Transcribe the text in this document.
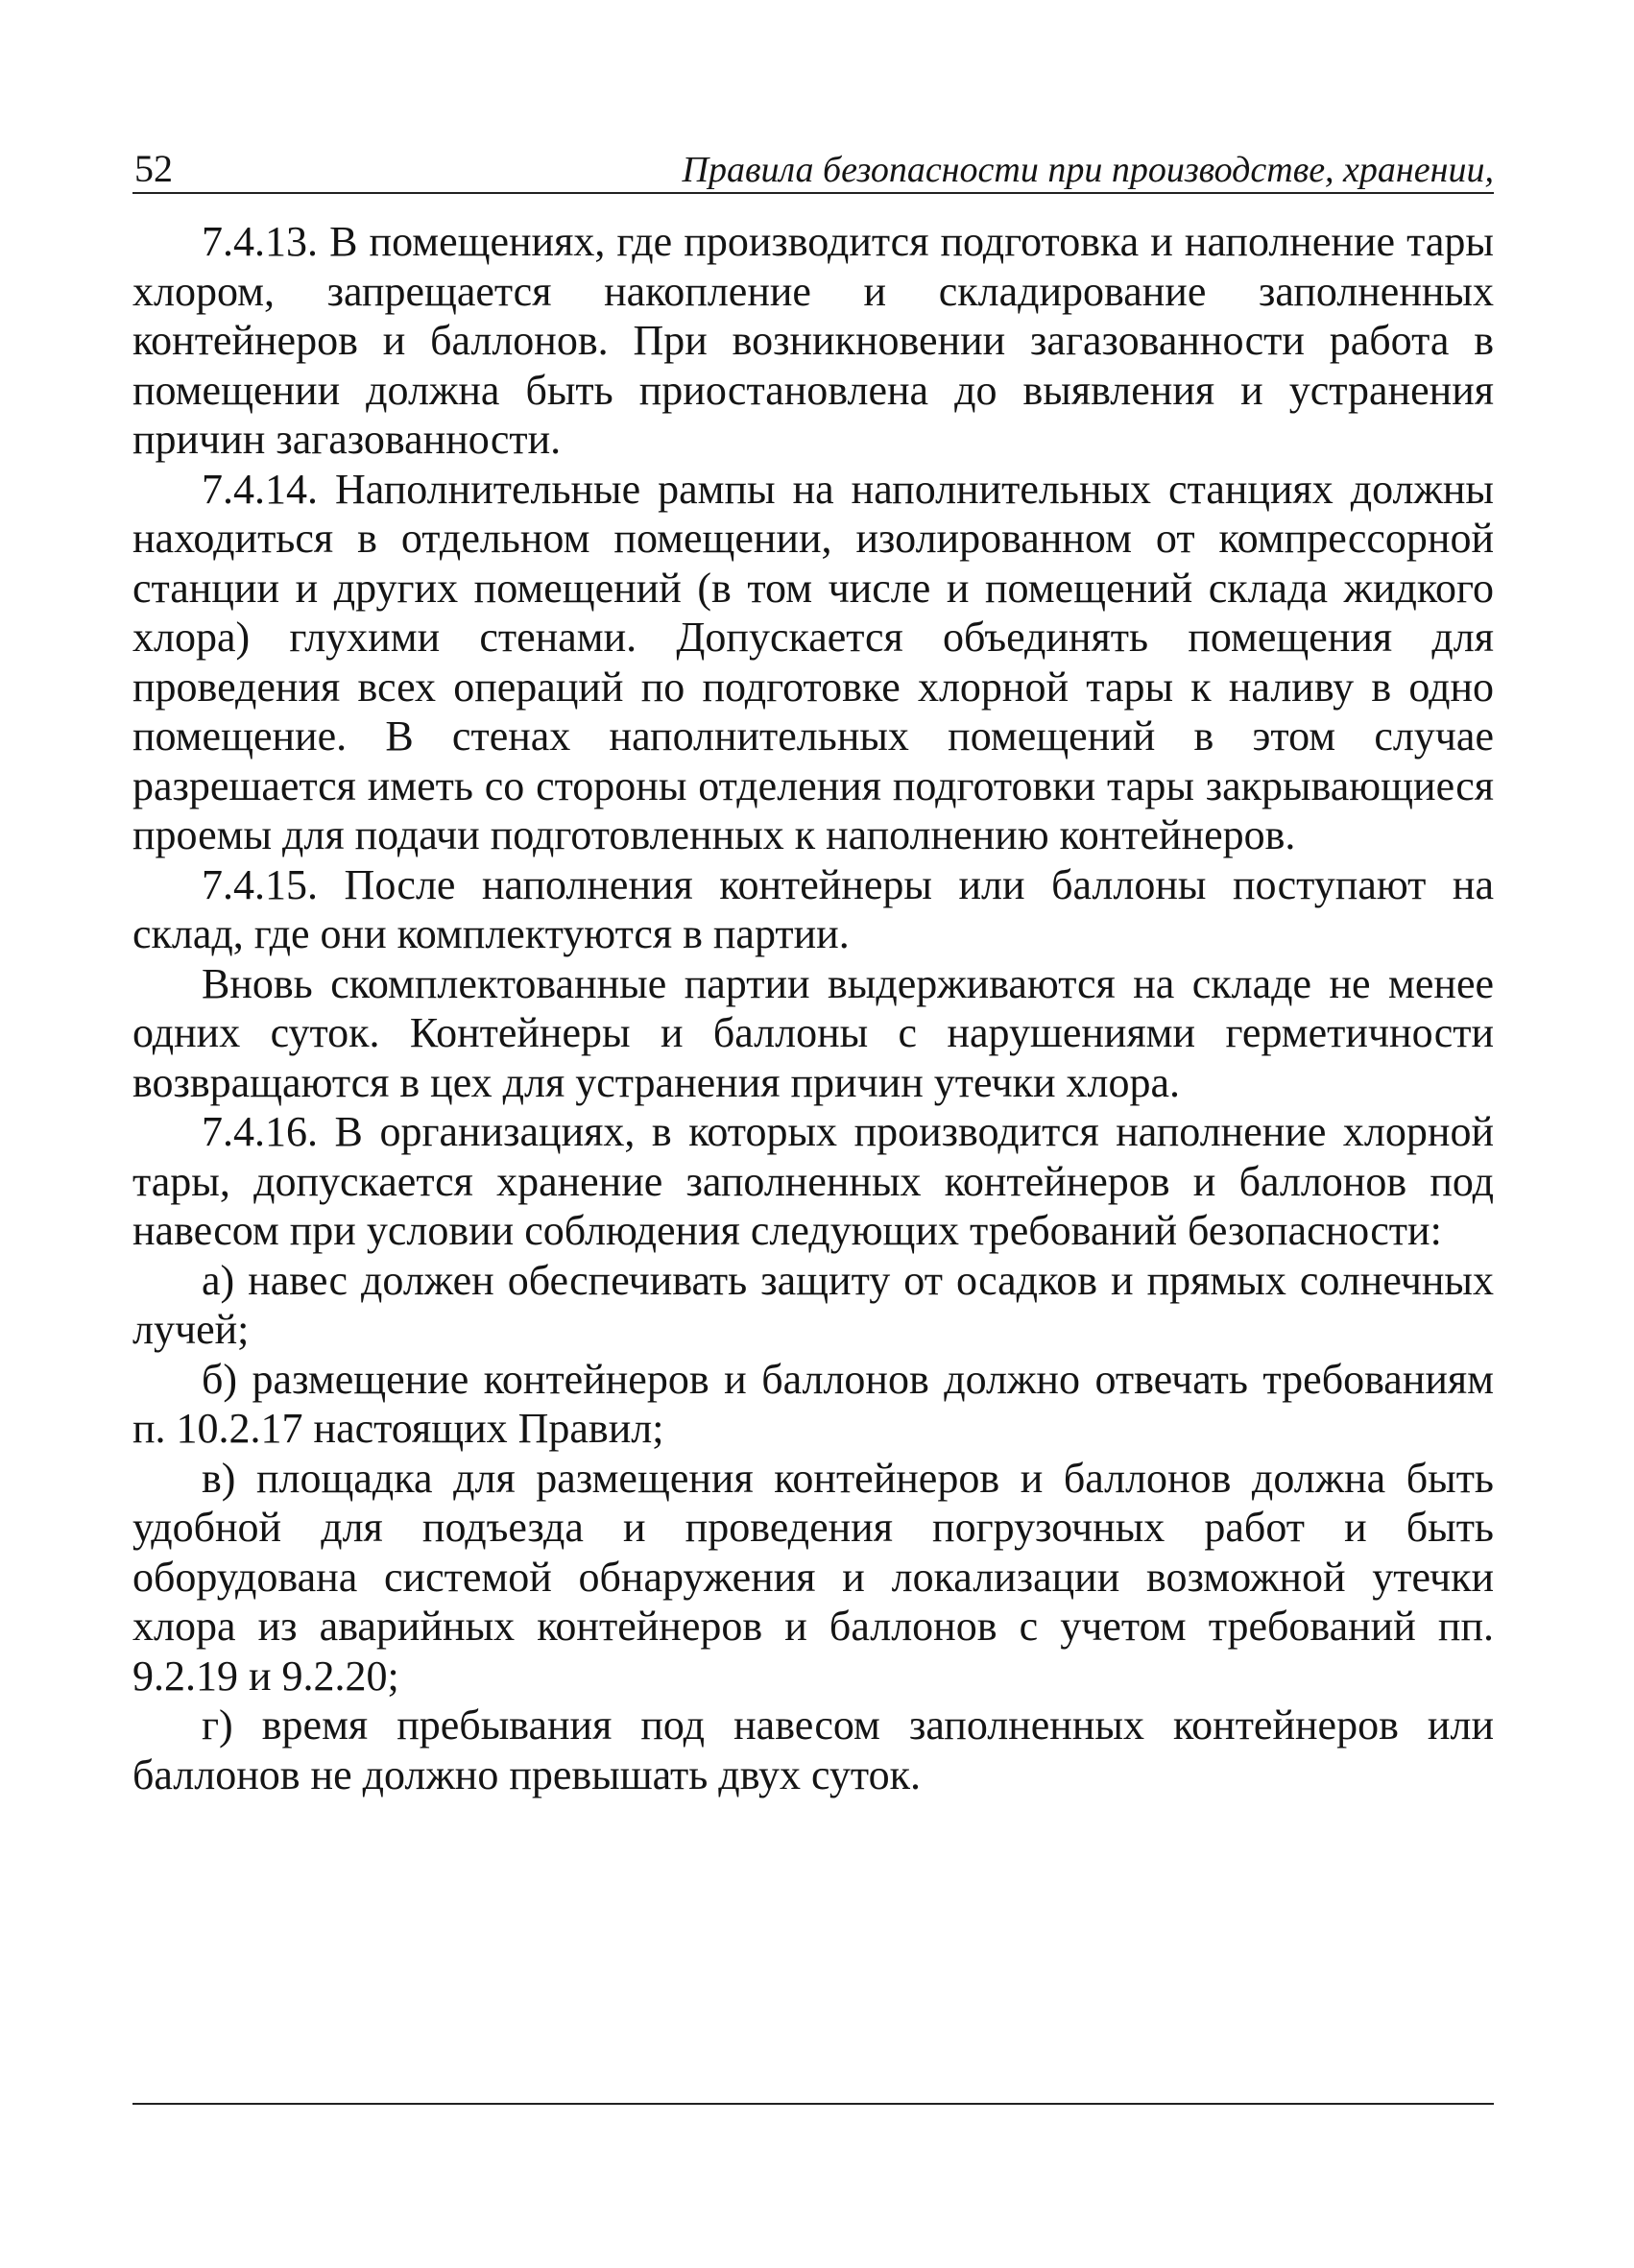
52	Правила безопасности при производстве, хранении,

7.4.13. В помещениях, где производится подготовка и наполнение тары хлором, запрещается накопление и складирование заполненных контейнеров и баллонов. При возникновении загазованности работа в помещении должна быть приостановлена до выявления и устранения причин загазованности.

7.4.14. Наполнительные рампы на наполнительных станциях должны находиться в отдельном помещении, изолированном от компрессорной станции и других помещений (в том числе и помещений склада жидкого хлора) глухими стенами. Допускается объединять помещения для проведения всех операций по подготовке хлорной тары к наливу в одно помещение. В стенах наполнительных помещений в этом случае разрешается иметь со стороны отделения подготовки тары закрывающиеся проемы для подачи подготовленных к наполнению контейнеров.

7.4.15. После наполнения контейнеры или баллоны поступают на склад, где они комплектуются в партии.

Вновь скомплектованные партии выдерживаются на складе не менее одних суток. Контейнеры и баллоны с нарушениями герметичности возвращаются в цех для устранения причин утечки хлора.

7.4.16. В организациях, в которых производится наполнение хлорной тары, допускается хранение заполненных контейнеров и баллонов под навесом при условии соблюдения следующих требований безопасности:

а) навес должен обеспечивать защиту от осадков и прямых солнечных лучей;

б) размещение контейнеров и баллонов должно отвечать требованиям п. 10.2.17 настоящих Правил;

в) площадка для размещения контейнеров и баллонов должна быть удобной для подъезда и проведения погрузочных работ и быть оборудована системой обнаружения и локализации возможной утечки хлора из аварийных контейнеров и баллонов с учетом требований пп. 9.2.19 и 9.2.20;

г) время пребывания под навесом заполненных контейнеров или баллонов не должно превышать двух суток.
